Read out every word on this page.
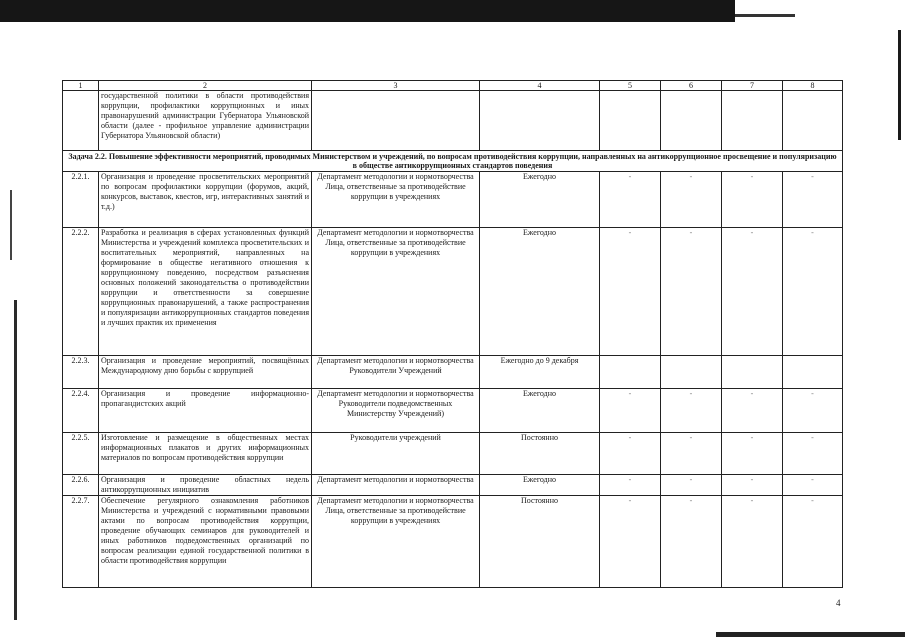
1	2	3	4	5	6	7	8
	государственной политики в области противодействия коррупции, профилактики коррупционных и иных правонарушений администрации Губернатора Ульяновской области (далее - профильное управление администрации Губернатора Ульяновской области)						
Задача 2.2. Повышение эффективности мероприятий, проводимых Министерством и учреждений, по вопросам противодействия коррупции, направленных на антикоррупционное просвещение и популяризацию в обществе антикоррупционных стандартов поведения							
2.2.1.	Организация и проведение просветительских мероприятий по вопросам профилактики коррупции (форумов, акций, конкурсов, выставок, квестов, игр, интерактивных занятий и т.д.)	Департамент методологии и нормотворчества Лица, ответственные за противодействие коррупции в учреждениях	Ежегодно	-	-	-	-
2.2.2.	Разработка и реализация в сферах установленных функций Министерства и учреждений комплекса просветительских и воспитательных мероприятий, направленных на формирование в обществе негативного отношения к коррупционному поведению, посредством разъяснения основных положений законодательства о противодействии коррупции и ответственности за совершение коррупционных правонарушений, а также распространения и популяризации антикоррупционных стандартов поведения и лучших практик их применения	Департамент методологии и нормотворчества Лица, ответственные за противодействие коррупции в учреждениях	Ежегодно	-	-	-	-
2.2.3.	Организация и проведение мероприятий, посвящённых Международному дню борьбы с коррупцией	Департамент методологии и нормотворчества Руководители Учреждений	Ежегодно до 9 декабря				
2.2.4.	Организация и проведение информационно-пропагандистских акций	Департамент методологии и нормотворчества Руководители подведомственных Министерству Учреждений)	Ежегодно	-	-	-	-
2.2.5.	Изготовление и размещение в общественных местах информационных плакатов и других информационных материалов по вопросам противодействия коррупции	Руководители учреждений	Постоянно	-	-	-	-
2.2.6.	Организация и проведение областных недель антикоррупционных инициатив	Департамент методологии и нормотворчества	Ежегодно	-	-	-	-
2.2.7.	Обеспечение регулярного ознакомления работников Министерства и учреждений с нормативными правовыми актами по вопросам противодействия коррупции, проведение обучающих семинаров для руководителей и иных работников подведомственных организаций по вопросам реализации единой государственной политики в области противодействия коррупции	Департамент методологии и нормотворчества Лица, ответственные за противодействие коррупции в учреждениях	Постоянно	-	-	-	-
4
